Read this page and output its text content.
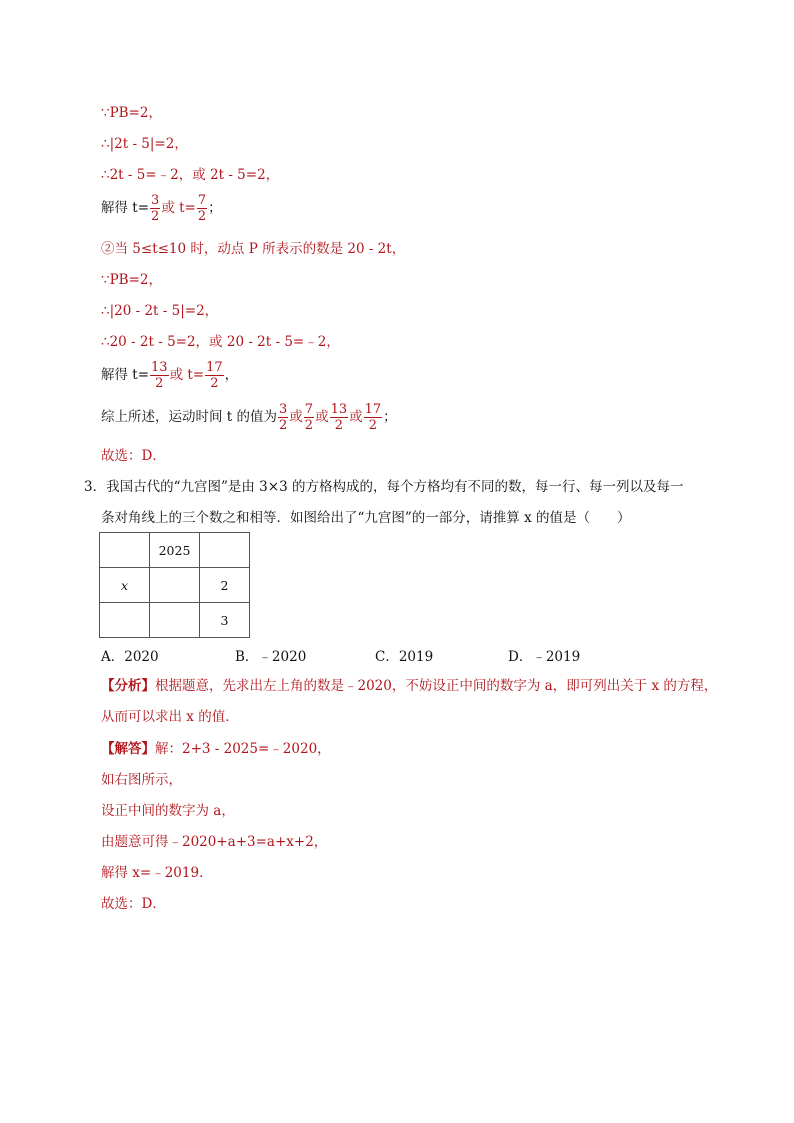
∵PB=2，
∴|2t - 5|=2，
∴2t - 5=﹣2，或 2t - 5=2，
解得 $t= \frac{3}{2}$ 或 $t= \frac{7}{2}$ ；
②当 5≤t≤10 时，动点 P 所表示的数是 20 - 2t，
∵PB=2，
∴|20 - 2t - 5|=2，
∴20 - 2t - 5=2，或 20 - 2t - 5=﹣2，
解得 $t= \frac{13}{2}$ 或 $t= \frac{17}{2}$ ，
综上所述，运动时间 t 的值为 $\frac{3}{2}$ 或 $\frac{7}{2}$ 或 $\frac{13}{2}$ 或 $\frac{17}{2}$ ；
故选：D．
3．我国古代的“九宫图”是由 3×3 的方格构成的，每个方格均有不同的数，每一行、每一列以及每一
条对角线上的三个数之和相等．如图给出了“九宫图”的一部分，请推算 x 的值是（　　）
	2025	
x		2
		3
A．2020	B．﹣2020	C．2019	D．﹣2019
【分析】根据题意，先求出左上角的数是﹣2020，不妨设正中间的数字为 a，即可列出关于 x 的方程，
从而可以求出 x 的值．
【解答】解：2+3 - 2025=﹣2020，
如右图所示，
设正中间的数字为 a，
由题意可得﹣2020+a+3=a+x+2，
解得 x=﹣2019．
故选：D．
